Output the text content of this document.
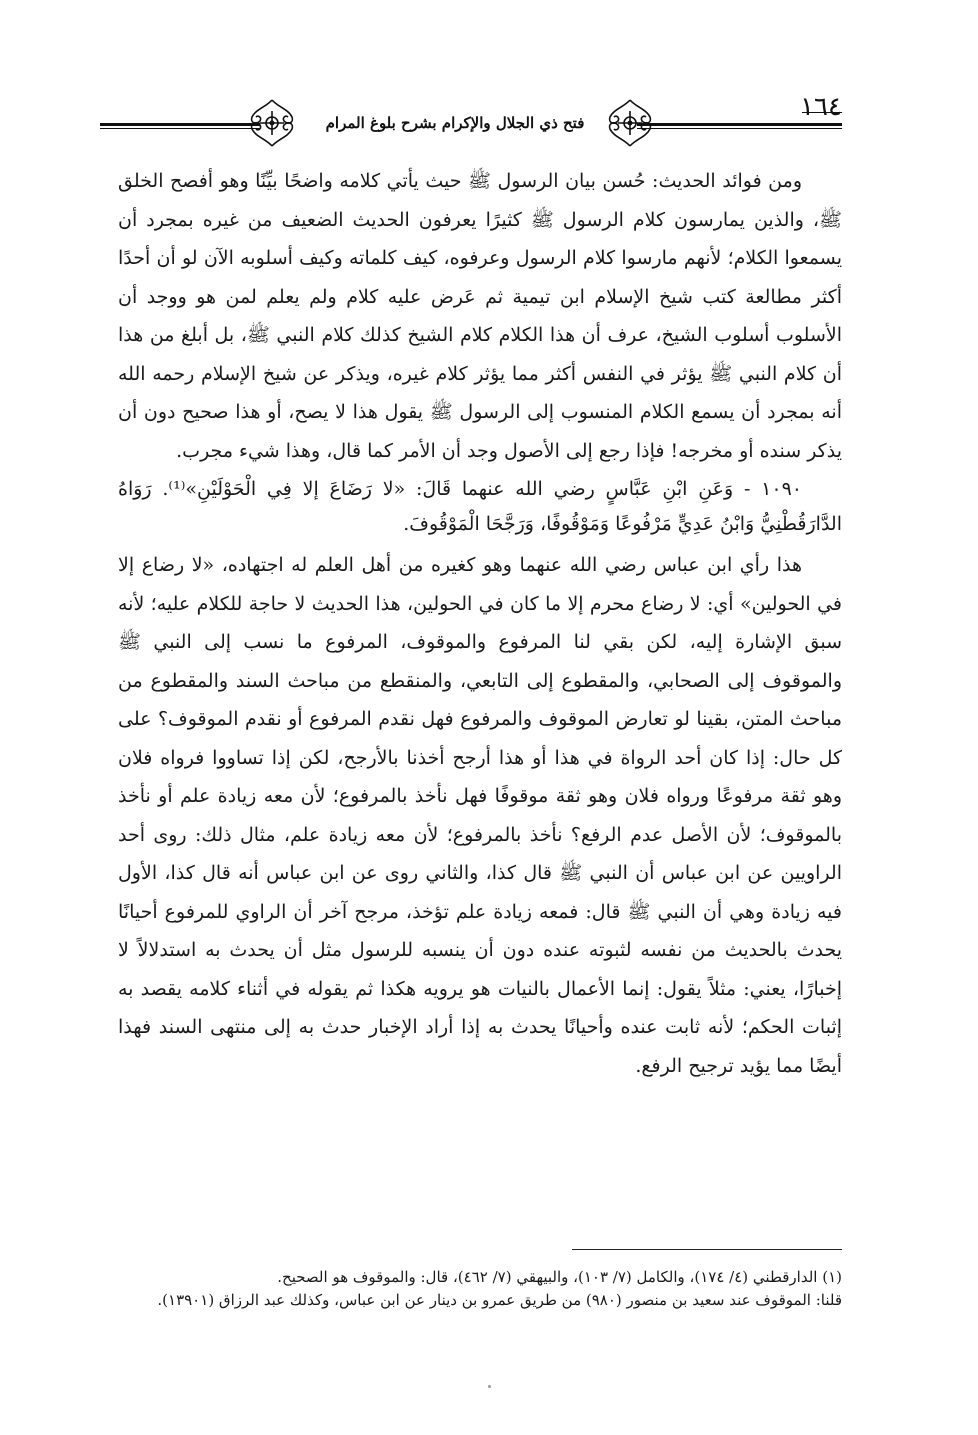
١٦٤
فتح ذي الجلال والإكرام بشرح بلوغ المرام

ومن فوائد الحديث: حُسن بيان الرسول ﷺ حيث يأتي كلامه واضحًا بيِّنًا وهو أفصح الخلق ﷺ، والذين يمارسون كلام الرسول ﷺ كثيرًا يعرفون الحديث الضعيف من غيره بمجرد أن يسمعوا الكلام؛ لأنهم مارسوا كلام الرسول وعرفوه، كيف كلماته وكيف أسلوبه الآن لو أن أحدًا أكثر مطالعة كتب شيخ الإسلام ابن تيمية ثم عَرض عليه كلام ولم يعلم لمن هو ووجد أن الأسلوب أسلوب الشيخ، عرف أن هذا الكلام كلام الشيخ كذلك كلام النبي ﷺ، بل أبلغ من هذا أن كلام النبي ﷺ يؤثر في النفس أكثر مما يؤثر كلام غيره، ويذكر عن شيخ الإسلام رحمه الله أنه بمجرد أن يسمع الكلام المنسوب إلى الرسول ﷺ يقول هذا لا يصح، أو هذا صحيح دون أن يذكر سنده أو مخرجه! فإذا رجع إلى الأصول وجد أن الأمر كما قال، وهذا شيء مجرب.

١٠٩٠ - وَعَنِ ابْنِ عَبَّاسٍ رضي الله عنهما قَالَ: «لا رَضَاعَ إلا فِي الْحَوْلَيْنِ»⁽¹⁾. رَوَاهُ الدَّارَقُطْنِيُّ وَابْنُ عَدِيٍّ مَرْفُوعًا وَمَوْقُوفًا، وَرَجَّحَا الْمَوْقُوفَ.

هذا رأي ابن عباس رضي الله عنهما وهو كغيره من أهل العلم له اجتهاده، «لا رضاع إلا في الحولين» أي: لا رضاع محرم إلا ما كان في الحولين، هذا الحديث لا حاجة للكلام عليه؛ لأنه سبق الإشارة إليه، لكن بقي لنا المرفوع والموقوف، المرفوع ما نسب إلى النبي ﷺ والموقوف إلى الصحابي، والمقطوع إلى التابعي، والمنقطع من مباحث السند والمقطوع من مباحث المتن، بقينا لو تعارض الموقوف والمرفوع فهل نقدم المرفوع أو نقدم الموقوف؟ على كل حال: إذا كان أحد الرواة في هذا أو هذا أرجح أخذنا بالأرجح، لكن إذا تساووا فرواه فلان وهو ثقة مرفوعًا ورواه فلان وهو ثقة موقوفًا فهل نأخذ بالمرفوع؛ لأن معه زيادة علم أو نأخذ بالموقوف؛ لأن الأصل عدم الرفع؟ نأخذ بالمرفوع؛ لأن معه زيادة علم، مثال ذلك: روى أحد الراويين عن ابن عباس أن النبي ﷺ قال كذا، والثاني روى عن ابن عباس أنه قال كذا، الأول فيه زيادة وهي أن النبي ﷺ قال: فمعه زيادة علم تؤخذ، مرجح آخر أن الراوي للمرفوع أحيانًا يحدث بالحديث من نفسه لثبوته عنده دون أن ينسبه للرسول مثل أن يحدث به استدلالاً لا إخبارًا، يعني: مثلاً يقول: إنما الأعمال بالنيات هو يرويه هكذا ثم يقوله في أثناء كلامه يقصد به إثبات الحكم؛ لأنه ثابت عنده وأحيانًا يحدث به إذا أراد الإخبار حدث به إلى منتهى السند فهذا أيضًا مما يؤيد ترجيح الرفع.

(١) الدارقطني (٤/ ١٧٤)، والكامل (٧/ ١٠٣)، والبيهقي (٧/ ٤٦٢)، قال: والموقوف هو الصحيح.

قلنا: الموقوف عند سعيد بن منصور (٩٨٠) من طريق عمرو بن دينار عن ابن عباس، وكذلك عبد الرزاق (١٣٩٠١).
